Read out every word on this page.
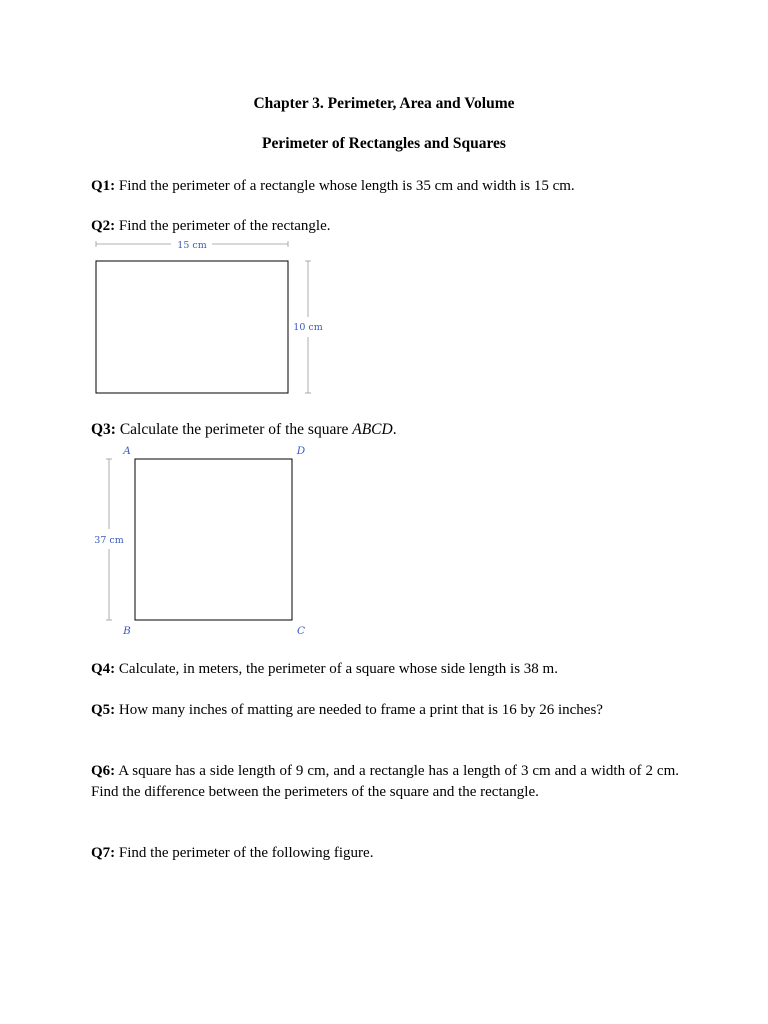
Chapter 3. Perimeter, Area and Volume
Perimeter of Rectangles and Squares
Q1: Find the perimeter of a rectangle whose length is 35 cm and width is 15 cm.
Q2: Find the perimeter of the rectangle.
15 cm
10 cm
Q3: Calculate the perimeter of the square ABCD.
A	D
B	C
37 cm
Q4: Calculate, in meters, the perimeter of a square whose side length is 38 m.
Q5: How many inches of matting are needed to frame a print that is 16 by 26 inches?
Q6: A square has a side length of 9 cm, and a rectangle has a length of 3 cm and a width of 2 cm. Find the difference between the perimeters of the square and the rectangle.
Q7: Find the perimeter of the following figure.
